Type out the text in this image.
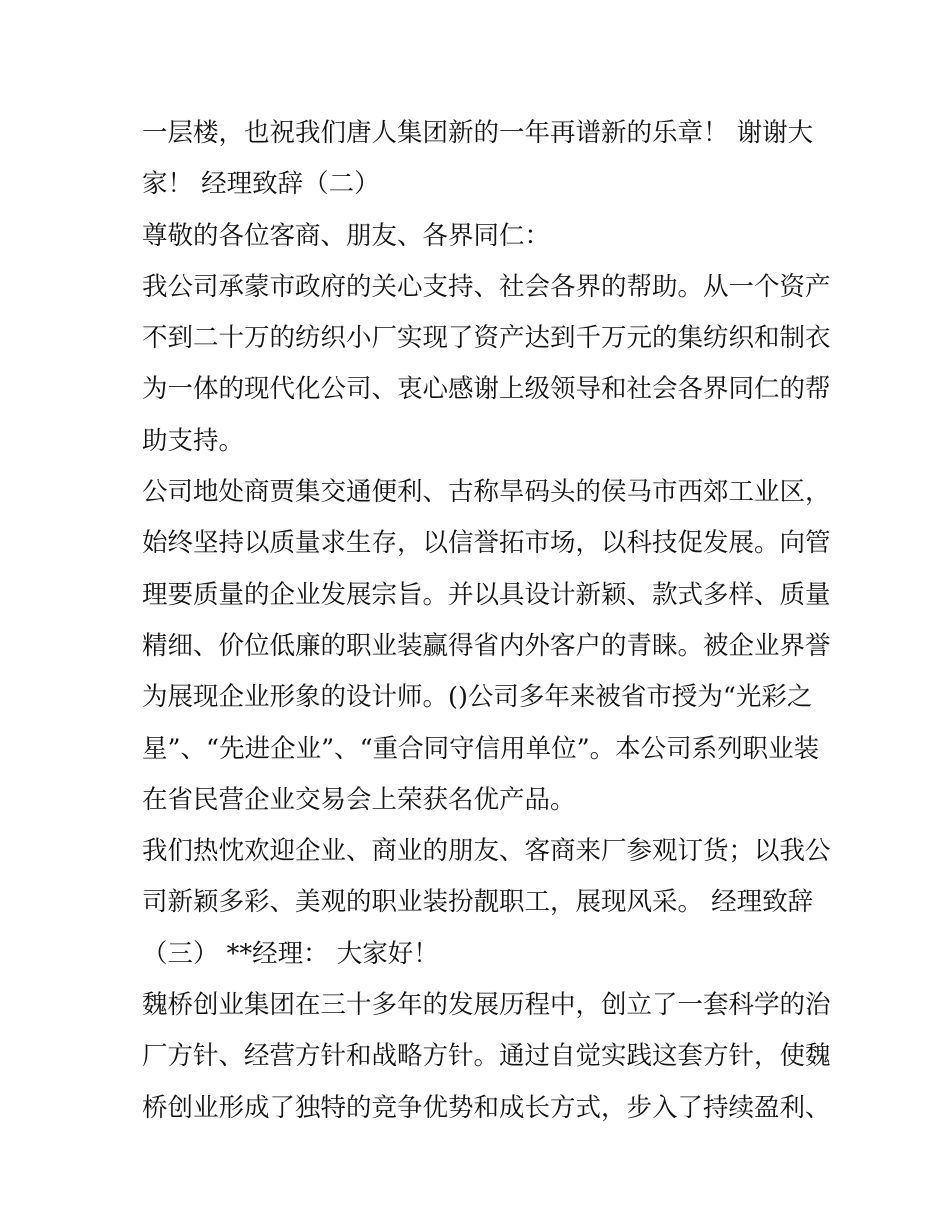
一层楼，也祝我们唐人集团新的一年再谱新的乐章！ 谢谢大
家！ 经理致辞（二）
尊敬的各位客商、朋友、各界同仁：
我公司承蒙市政府的关心支持、社会各界的帮助。从一个资产
不到二十万的纺织小厂实现了资产达到千万元的集纺织和制衣
为一体的现代化公司、衷心感谢上级领导和社会各界同仁的帮
助支持。
公司地处商贾集交通便利、古称旱码头的侯马市西郊工业区，
始终坚持以质量求生存，以信誉拓市场，以科技促发展。向管
理要质量的企业发展宗旨。并以具设计新颖、款式多样、质量
精细、价位低廉的职业装赢得省内外客户的青睐。被企业界誉
为展现企业形象的设计师。()公司多年来被省市授为“光彩之
星”、“先进企业”、“重合同守信用单位”。本公司系列职业装
在省民营企业交易会上荣获名优产品。
我们热忱欢迎企业、商业的朋友、客商来厂参观订货；以我公
司新颖多彩、美观的职业装扮靓职工，展现风采。 经理致辞
（三） **经理： 大家好！
魏桥创业集团在三十多年的发展历程中，创立了一套科学的治
厂方针、经营方针和战略方针。通过自觉实践这套方针，使魏
桥创业形成了独特的竞争优势和成长方式，步入了持续盈利、
